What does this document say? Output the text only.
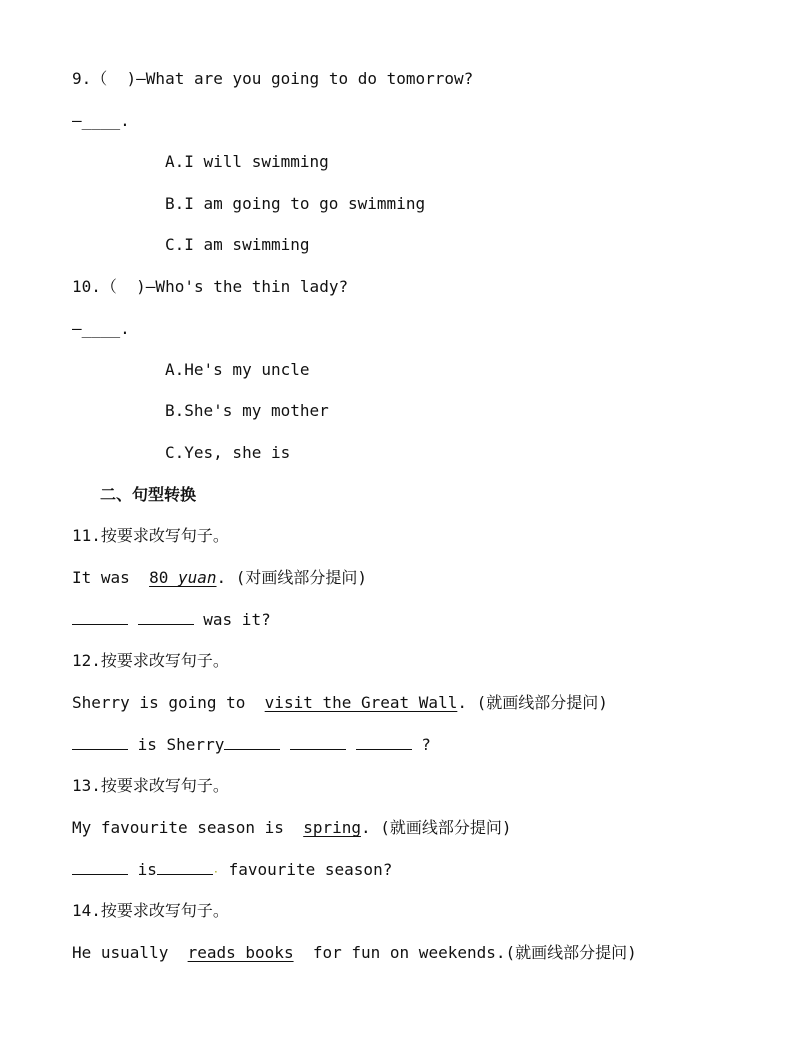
9.（  )—What are you going to do tomorrow?
—____.
A.I will swimming
B.I am going to go swimming
C.I am swimming
10.（  )—Who's the thin lady?
—____.
A.He's my uncle
B.She's my mother
C.Yes, she is
二、句型转换
11.按要求改写句子。
It was  80 yuan. (对画线部分提问)
was it?
12.按要求改写句子。
Sherry is going to  visit the Great Wall. (就画线部分提问)
is Sherry	?
13.按要求改写句子。
My favourite season is  spring. (就画线部分提问)
is	· favourite season?
14.按要求改写句子。
He usually  reads books  for fun on weekends.(就画线部分提问)
